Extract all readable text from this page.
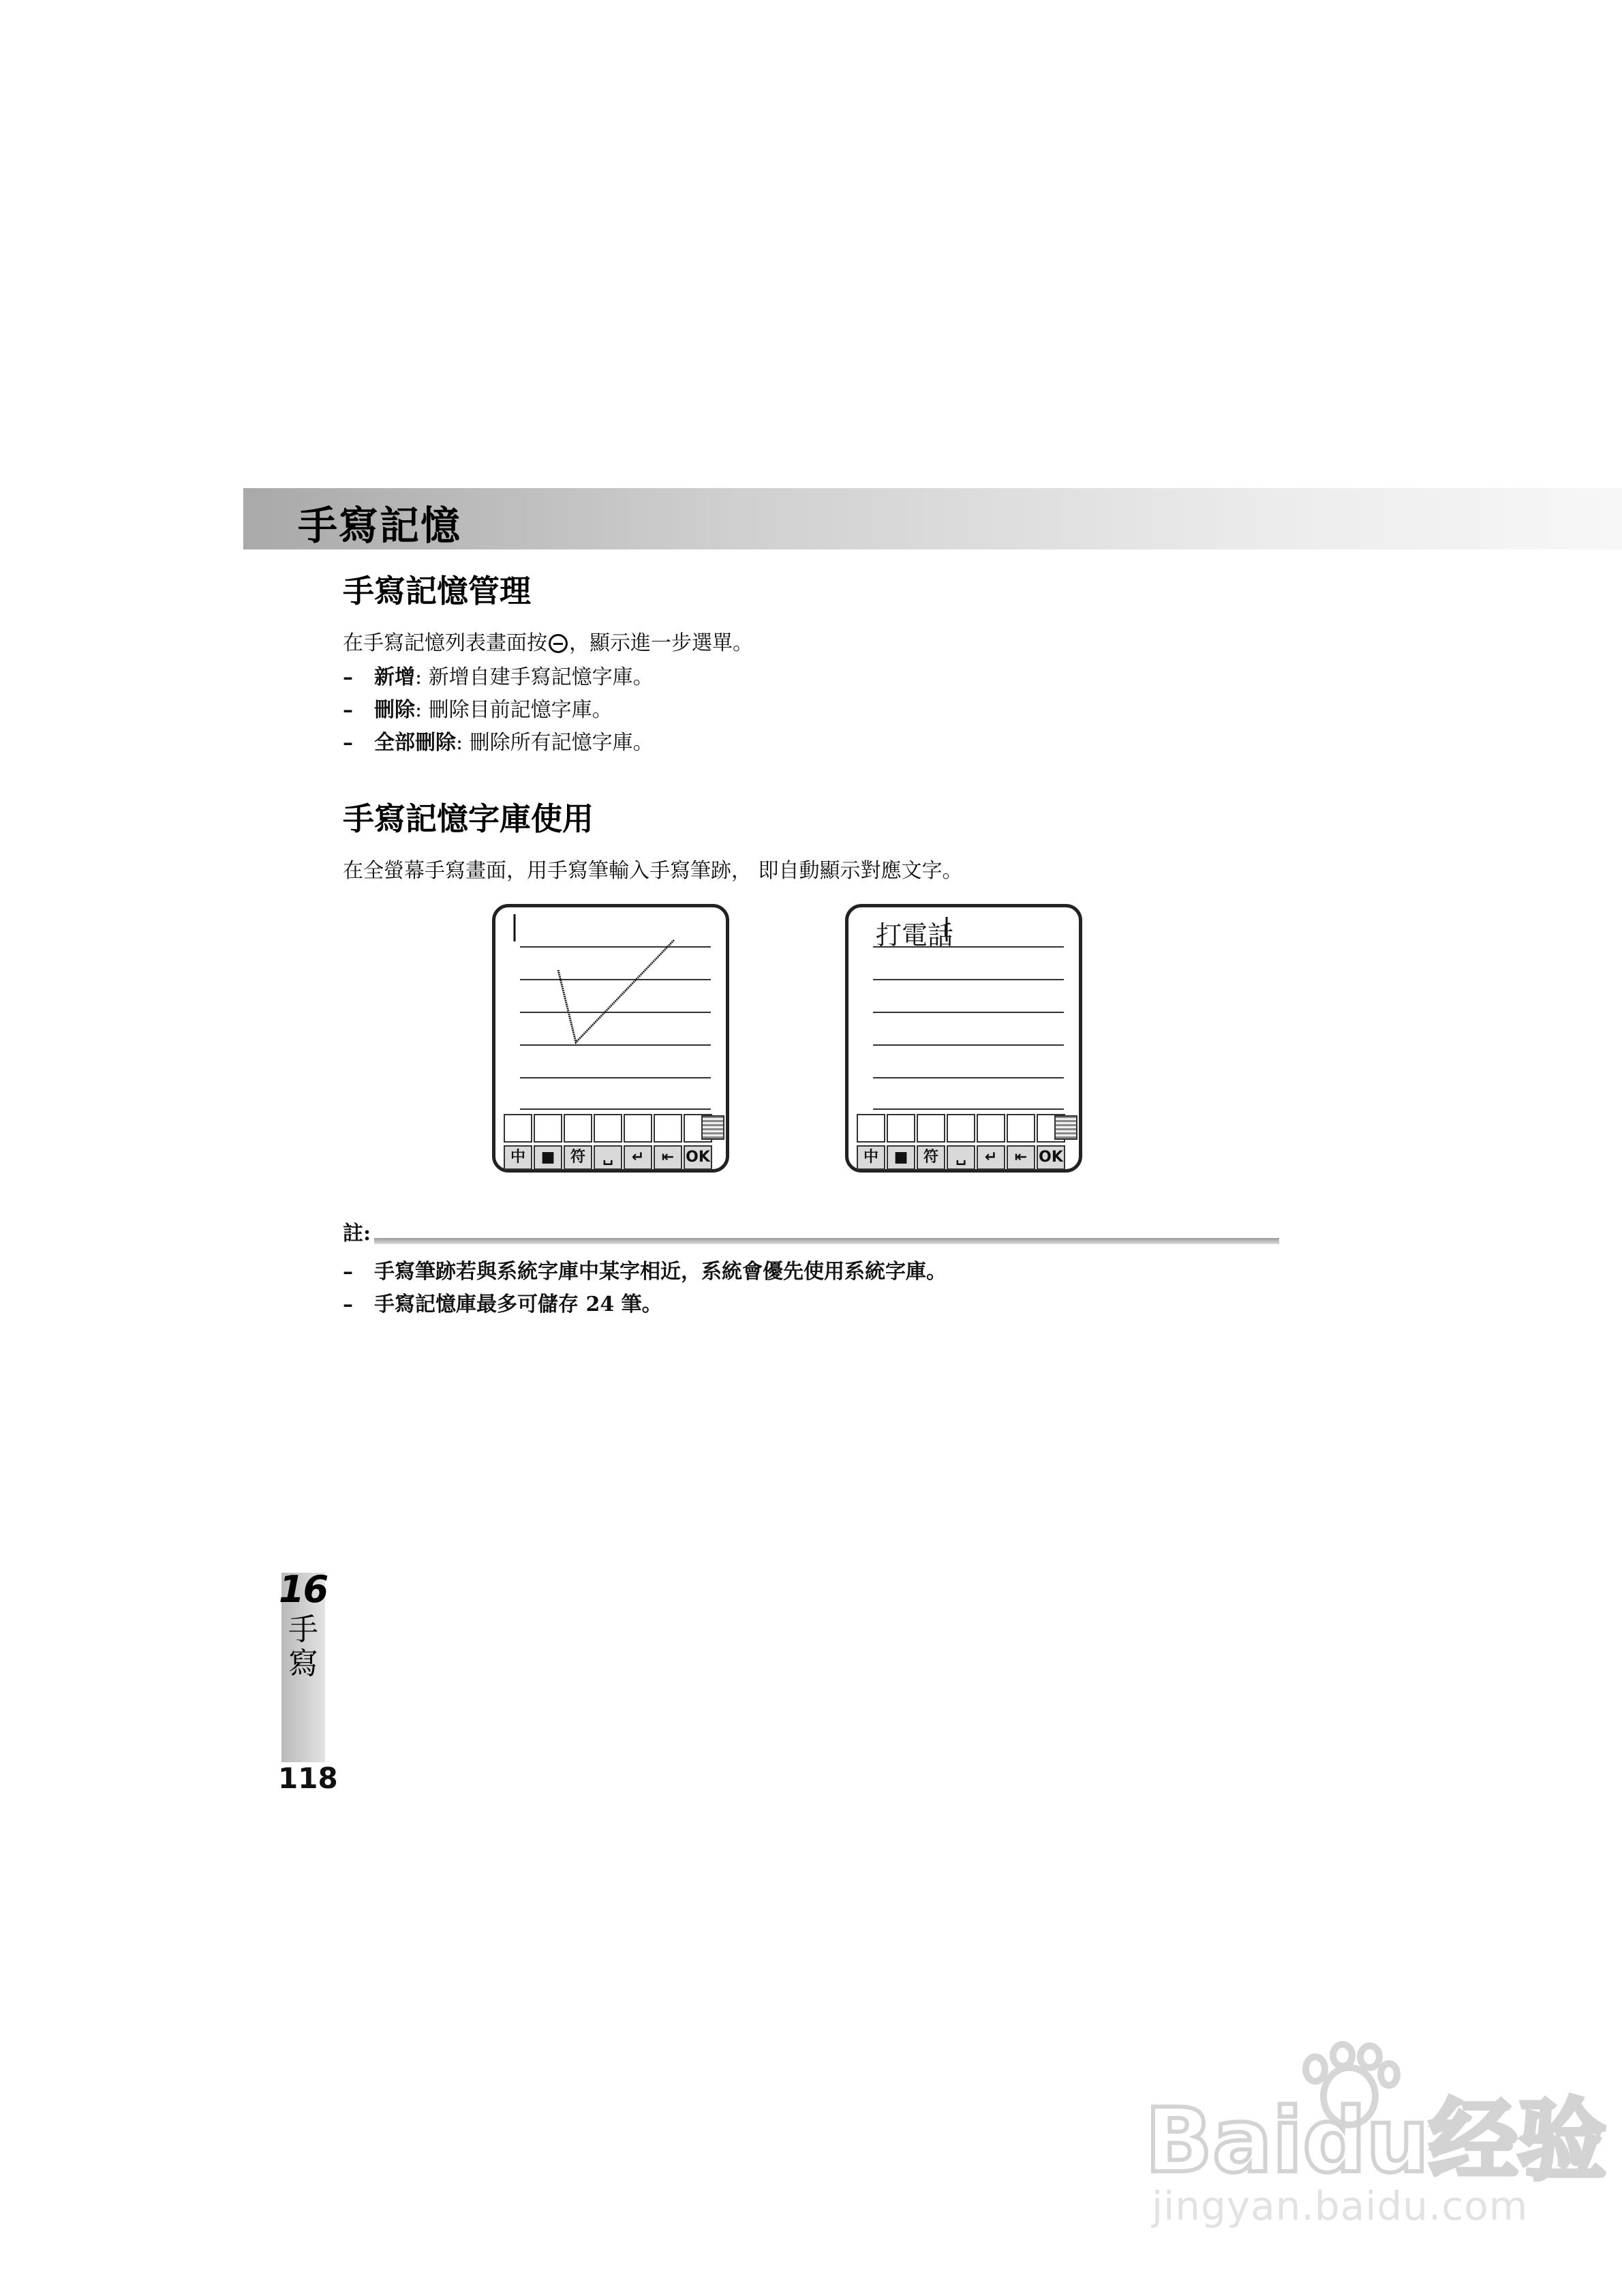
手寫記憶
手寫記憶管理
在手寫記憶列表畫面按 ，顯示進一步選單。
– 新增: 新增自建手寫記憶字庫。
– 刪除: 刪除目前記憶字庫。
– 全部刪除: 刪除所有記憶字庫。
手寫記憶字庫使用
在全螢幕手寫畫面，用手寫筆輸入手寫筆跡， 即自動顯示對應文字。
中	■	符	␣	↵	⇤ OK
打電話
中	■	符	␣	↵	⇤ OK
註:
– 手寫筆跡若與系統字庫中某字相近，系統會優先使用系統字庫。
– 手寫記憶庫最多可儲存 24 筆。
16
手寫
118
Baidu经验
jingyan.baidu.com
